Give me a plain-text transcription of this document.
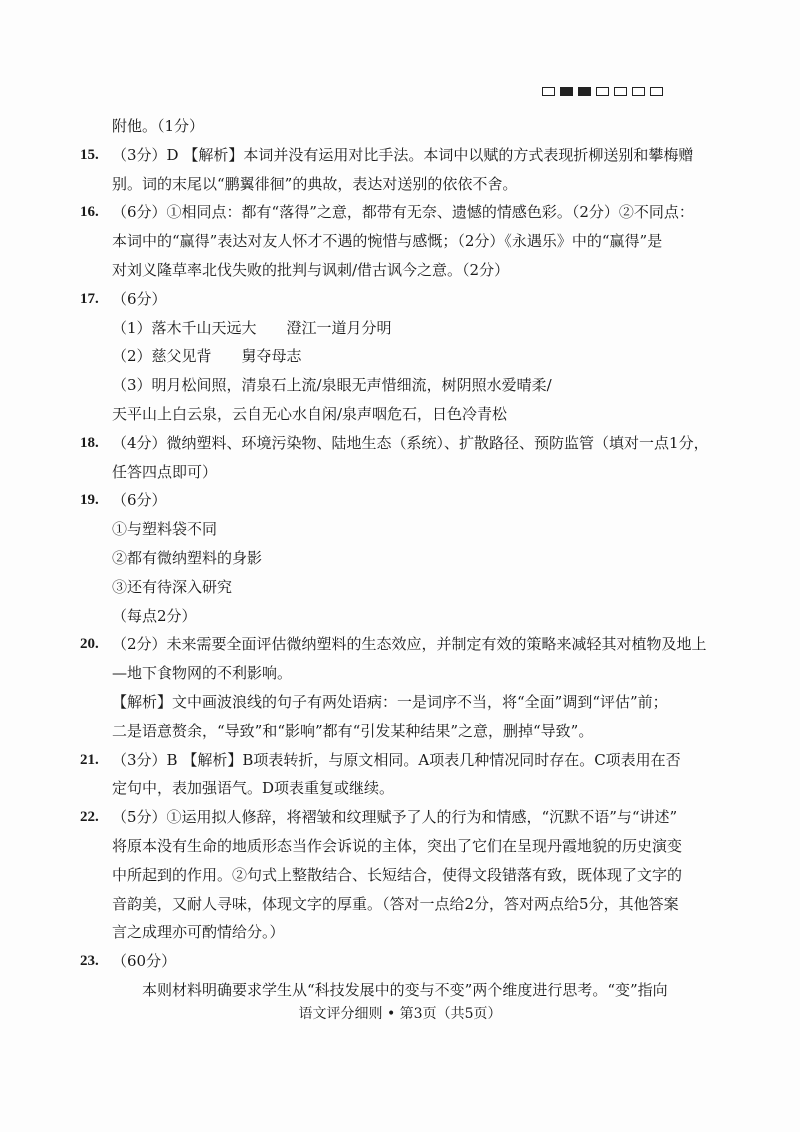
附他。（1分）
15. （3分）D 【解析】本词并没有运用对比手法。本词中以赋的方式表现折柳送别和攀梅赠
别。词的末尾以“鹏翼徘徊”的典故，表达对送别的依依不舍。
16. （6分）①相同点：都有“落得”之意，都带有无奈、遗憾的情感色彩。（2分）②不同点：
本词中的“赢得”表达对友人怀才不遇的惋惜与感慨；（2分）《永遇乐》中的“赢得”是
对刘义隆草率北伐失败的批判与讽刺/借古讽今之意。（2分）
17. （6分）
（1）落木千山天远大　　澄江一道月分明
（2）慈父见背　　舅夺母志
（3）明月松间照，清泉石上流/泉眼无声惜细流，树阴照水爱晴柔/
天平山上白云泉，云自无心水自闲/泉声咽危石，日色冷青松
18. （4分）微纳塑料、环境污染物、陆地生态（系统）、扩散路径、预防监管（填对一点1分，
任答四点即可）
19. （6分）
①与塑料袋不同
②都有微纳塑料的身影
③还有待深入研究
（每点2分）
20. （2分）未来需要全面评估微纳塑料的生态效应，并制定有效的策略来减轻其对植物及地上
—地下食物网的不利影响。
【解析】文中画波浪线的句子有两处语病：一是词序不当，将“全面”调到“评估”前；
二是语意赘余，“导致”和“影响”都有“引发某种结果”之意，删掉“导致”。
21. （3分）B 【解析】B项表转折，与原文相同。A项表几种情况同时存在。C项表用在否
定句中，表加强语气。D项表重复或继续。
22. （5分）①运用拟人修辞，将褶皱和纹理赋予了人的行为和情感，“沉默不语”与“讲述”
将原本没有生命的地质形态当作会诉说的主体，突出了它们在呈现丹霞地貌的历史演变
中所起到的作用。②句式上整散结合、长短结合，使得文段错落有致，既体现了文字的
音韵美，又耐人寻味，体现文字的厚重。（答对一点给2分，答对两点给5分，其他答案
言之成理亦可酌情给分。）
23. （60分）
　　本则材料明确要求学生从“科技发展中的变与不变”两个维度进行思考。“变”指向
语文评分细则 • 第3页（共5页）
